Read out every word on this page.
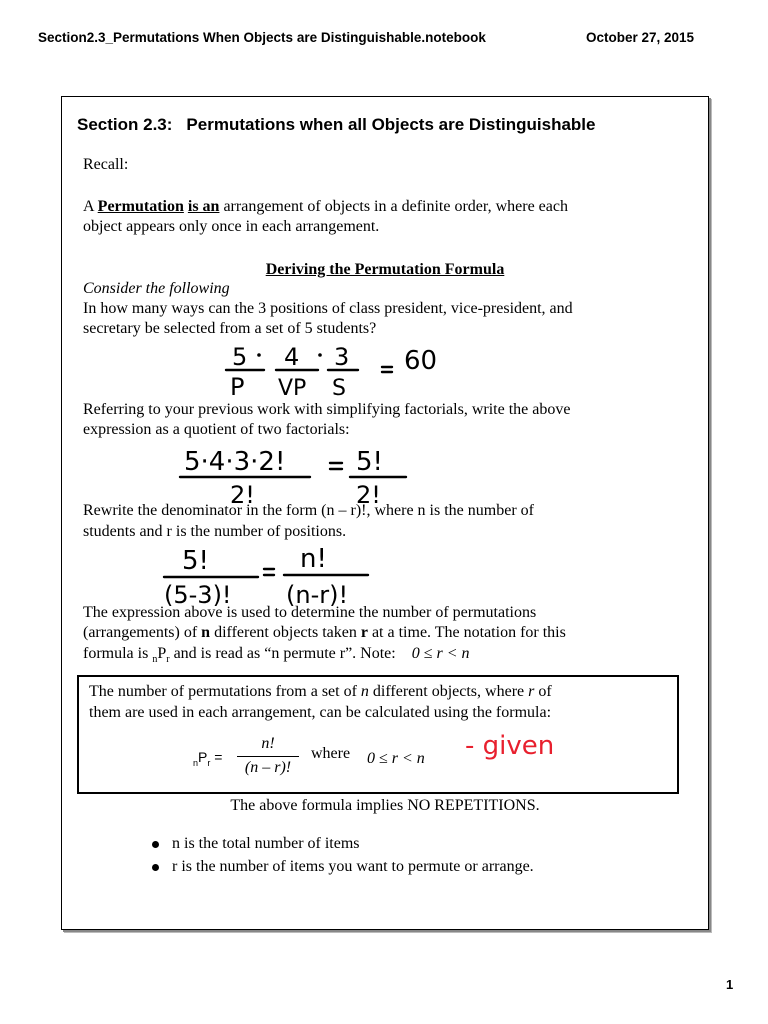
Section2.3_Permutations When Objects are Distinguishable.notebook	October 27, 2015
Section 2.3: Permutations when all Objects are Distinguishable
Recall:
A Permutation is an arrangement of objects in a definite order, where each
object appears only once in each arrangement.
Deriving the Permutation Formula
Consider the following
In how many ways can the 3 positions of class president, vice-president, and
secretary be selected from a set of 5 students?
5 4 3
P VP S
60
Referring to your previous work with simplifying factorials, write the above
expression as a quotient of two factorials:
5·4·3·2!
2!
5!
2!
Rewrite the denominator in the form (n – r)!, where n is the number of
students and r is the number of positions.
5!
(5-3)!
n!
(n-r)!
The expression above is used to determine the number of permutations
(arrangements) of n different objects taken r at a time. The notation for this
formula is $_nP_r$ and is read as “n permute r”. Note: 0 ≤ r < n
The number of permutations from a set of n different objects, where r of
them are used in each arrangement, can be calculated using the formula:
$_nP_r$ =
n!
(n – r)!
where 0 ≤ r < n - given
The above formula implies NO REPETITIONS.
n is the total number of items
r is the number of items you want to permute or arrange.
1
